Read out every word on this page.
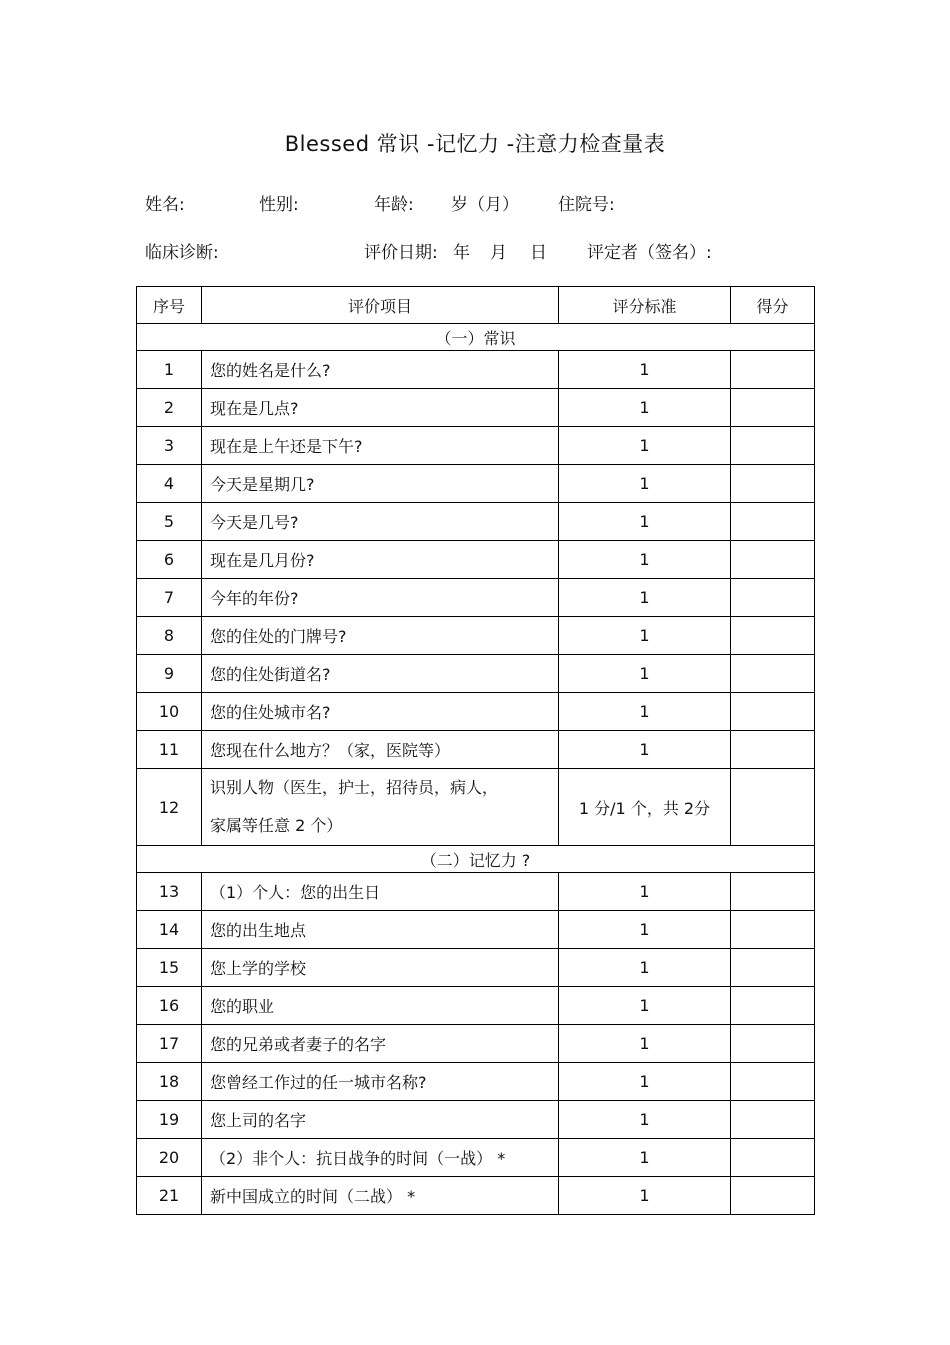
Blessed 常识 -记忆力 -注意力检查量表
姓名:	性别:	年龄: 岁（月） 住院号:
临床诊断:	评价日期: 年 月 日 评定者（签名）:
序号	评价项目	评分标准	得分
（一）常识			
1	您的姓名是什么?	1	
2	现在是几点?	1	
3	现在是上午还是下午?	1	
4	今天是星期几?	1	
5	今天是几号?	1	
6	现在是几月份?	1	
7	今年的年份?	1	
8	您的住处的门牌号?	1	
9	您的住处街道名?	1	
10	您的住处城市名?	1	
11	您现在什么地方？（家，医院等）	1	
12	识别人物（医生，护士，招待员，病人，
家属等任意 2 个）	1 分/1 个，共 2分	
（二）记忆力 ?			
13	（1）个人：您的出生日	1	
14	您的出生地点	1	
15	您上学的学校	1	
16	您的职业	1	
17	您的兄弟或者妻子的名字	1	
18	您曾经工作过的任一城市名称?	1	
19	您上司的名字	1	
20	（2）非个人：抗日战争的时间（一战） *	1	
21	新中国成立的时间（二战） *	1	
